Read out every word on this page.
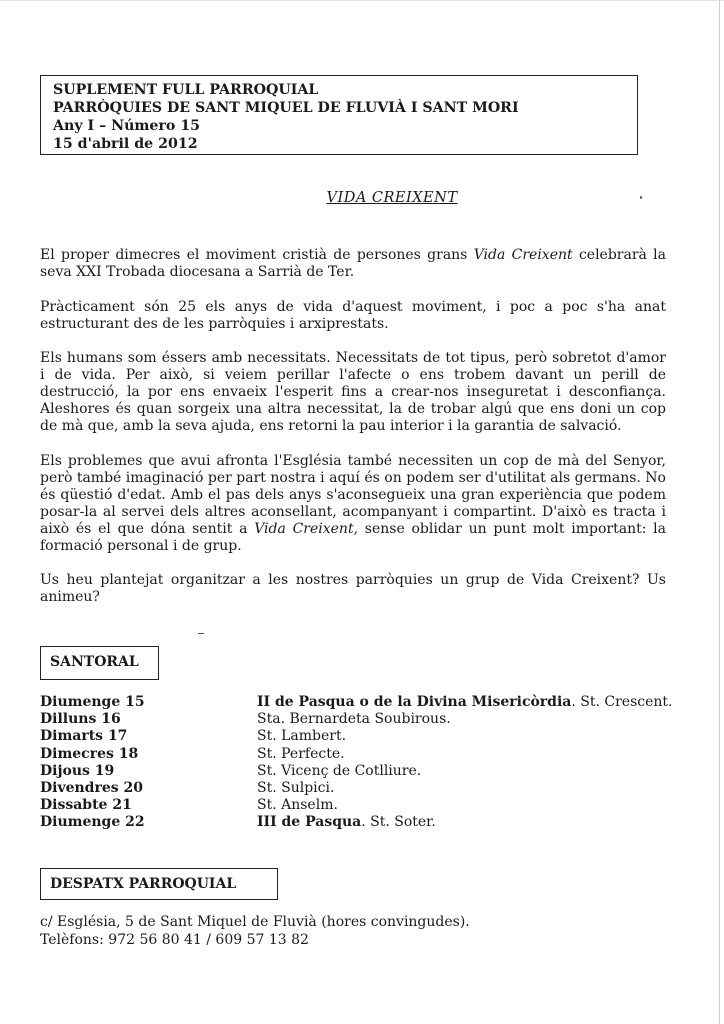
SUPLEMENT FULL PARROQUIAL
PARRÒQUIES DE SANT MIQUEL DE FLUVIÀ I SANT MORI
Any I – Número 15
15 d'abril de 2012
VIDA CREIXENT

El proper dimecres el moviment cristià de persones grans Vida Creixent celebrarà la seva XXI Trobada diocesana a Sarrià de Ter.

Pràcticament són 25 els anys de vida d'aquest moviment, i poc a poc s'ha anat estructurant des de les parròquies i arxiprestats.

Els humans som éssers amb necessitats. Necessitats de tot tipus, però sobretot d'amor i de vida. Per això, si veiem perillar l'afecte o ens trobem davant un perill de destrucció, la por ens envaeix l'esperit fins a crear-nos inseguretat i desconfiança. Aleshores és quan sorgeix una altra necessitat, la de trobar algú que ens doni un cop de mà que, amb la seva ajuda, ens retorni la pau interior i la garantia de salvació.

Els problemes que avui afronta l'Església també necessiten un cop de mà del Senyor, però també imaginació per part nostra i aquí és on podem ser d'utilitat als germans. No és qüestió d'edat. Amb el pas dels anys s'aconsegueix una gran experiència que podem posar-la al servei dels altres aconsellant, acompanyant i compartint. D'això es tracta i això és el que dóna sentit a Vida Creixent, sense oblidar un punt molt important: la formació personal i de grup.

Us heu plantejat organitzar a les nostres parròquies un grup de Vida Creixent? Us animeu?

SANTORAL
Diumenge 15	II de Pasqua o de la Divina Misericòrdia. St. Crescent.
Dilluns 16	Sta. Bernardeta Soubirous.
Dimarts 17	St. Lambert.
Dimecres 18	St. Perfecte.
Dijous 19	St. Vicenç de Cotlliure.
Divendres 20	St. Sulpici.
Dissabte 21	St. Anselm.
Diumenge 22	III de Pasqua. St. Soter.
DESPATX PARROQUIAL
c/ Església, 5 de Sant Miquel de Fluvià (hores convingudes).
Telèfons: 972 56 80 41 / 609 57 13 82
